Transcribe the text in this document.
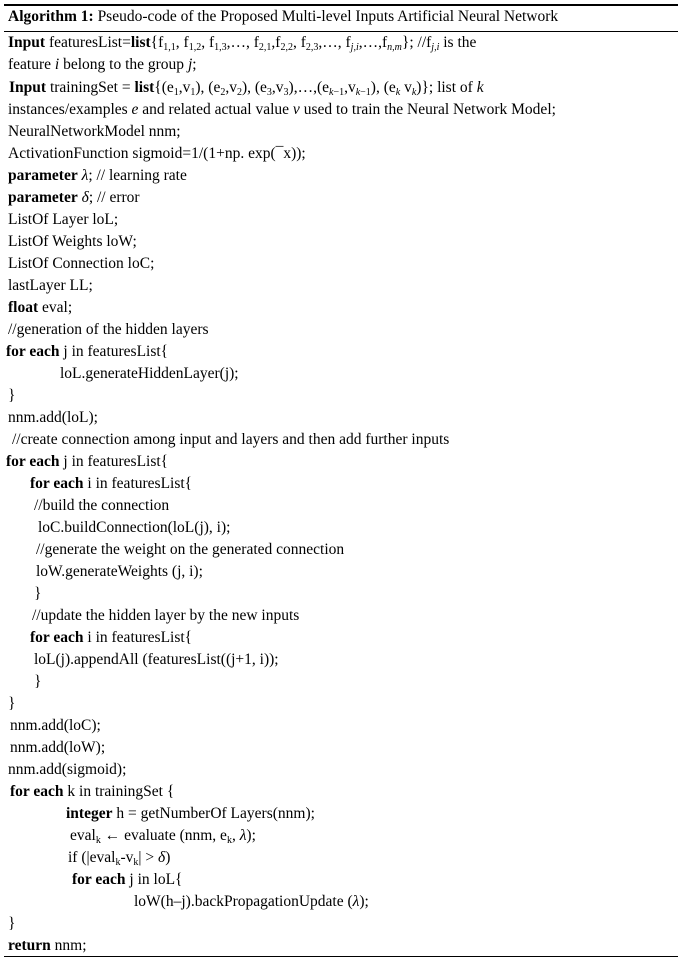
Algorithm 1: Pseudo-code of the Proposed Multi-level Inputs Artificial Neural Network
Input $featuresList=list\{f_{1,1}$, $f_{1,2}$, $f_{1,3},\dots$, $f_{2,1},f_{2,2}$, $f_{2,3},\dots$, $f_{j,i},\dots,f_{n,m}$}; $//f_{j,i}$ is the
feature i belong to the group j;
Input trainingSet = $list\{(e_1,v_1)$, $(e_2,v_2)$, $(e_3,v_3),\dots,(e_{k-1},v_{k-1})$, ($e_k$ $v_k$)}; list of k
instances/examples e and related actual value v used to train the Neural Network Model;
NeuralNetworkModel nnm;
ActivationFunction sigmoid=1/(1+np. exp(¯x));
parameter λ; // learning rate
parameter δ; // error
ListOf Layer loL;
ListOf Weights loW;
ListOf Connection loC;
lastLayer LL;
float eval;
//generation of the hidden layers
for each j in featuresList{
loL.generateHiddenLayer(j);
}
nnm.add(loL);
//create connection among input and layers and then add further inputs
for each j in featuresList{
for each i in featuresList{
//build the connection
loC.buildConnection(loL(j), i);
//generate the weight on the generated connection
loW.generateWeights (j, i);
}
//update the hidden layer by the new inputs
for each i in featuresList{
loL(j).appendAll (featuresList((j+1, i));
}
}
nnm.add(loC);
nnm.add(loW);
nnm.add(sigmoid);
for each k in trainingSet {
integer h = getNumberOf Layers(nnm);
eval$_k$ ← evaluate (nnm, $e_k$, λ);
if $(|eval_k-v_k| > \delta)$
for each j in loL{
loW(h–j).backPropagationUpdate (λ);
}
return nnm;
